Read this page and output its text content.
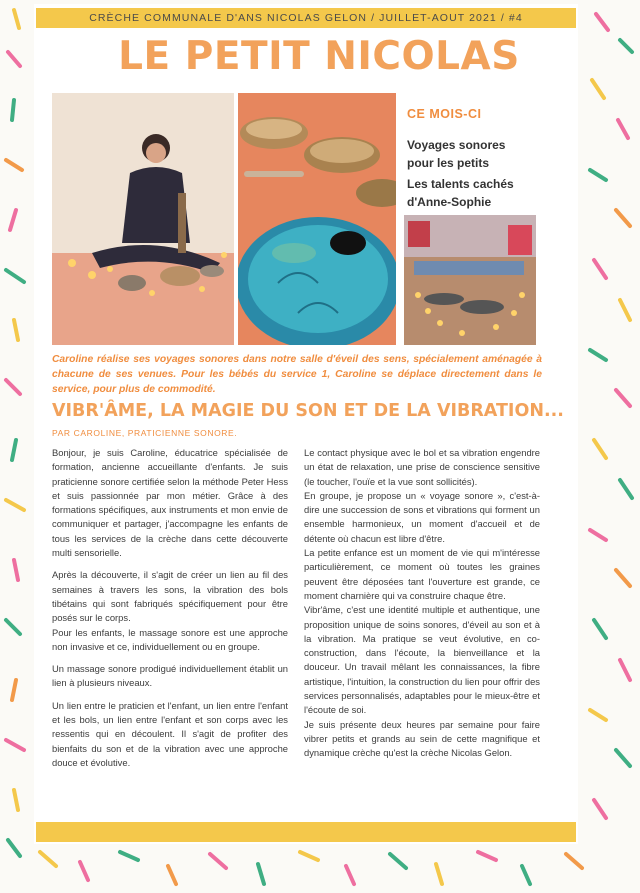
CRÈCHE COMMUNALE D'ANS NICOLAS GELON / JUILLET-AOUT 2021 / #4
LE PETIT NICOLAS
CE MOIS-CI
Voyages sonores
pour les petits
Les talents cachés
d'Anne-Sophie

Caroline réalise ses voyages sonores dans notre salle d'éveil des sens, spécialement aménagée à chacune de ses venues. Pour les bébés du service 1, Caroline se déplace directement dans le service, pour plus de commodité.

VIBR'ÂME, LA MAGIE DU SON ET DE LA VIBRATION...
PAR CAROLINE, PRATICIENNE SONORE.

Bonjour, je suis Caroline, éducatrice spécialisée de formation, ancienne accueillante d'enfants. Je suis praticienne sonore certifiée selon la méthode Peter Hess et suis passionnée par mon métier. Grâce à des formations spécifiques, aux instruments et mon envie de communiquer et partager, j'accompagne les enfants de tous les services de la crèche dans cette découverte multi sensorielle.

Après la découverte, il s'agit de créer un lien au fil des semaines à travers les sons, la vibration des bols tibétains qui sont fabriqués spécifiquement pour être posés sur le corps.

Pour les enfants, le massage sonore est une approche non invasive et ce, individuellement ou en groupe.

Un massage sonore prodigué individuellement établit un lien à plusieurs niveaux.

Un lien entre le praticien et l'enfant, un lien entre l'enfant et les bols, un lien entre l'enfant et son corps avec les ressentis qui en découlent. Il s'agit de profiter des bienfaits du son et de la vibration avec une approche douce et évolutive.

Le contact physique avec le bol et sa vibration engendre un état de relaxation, une prise de conscience sensitive (le toucher, l'ouïe et la vue sont sollicités).

En groupe, je propose un « voyage sonore », c'est-à-dire une succession de sons et vibrations qui forment un ensemble harmonieux, un moment d'accueil et de détente où chacun est libre d'être.

La petite enfance est un moment de vie qui m'intéresse particulièrement, ce moment où toutes les graines peuvent être déposées tant l'ouverture est grande, ce moment charnière qui va construire chaque être.

Vibr'âme, c'est une identité multiple et authentique, une proposition unique de soins sonores, d'éveil au son et à la vibration. Ma pratique se veut évolutive, en co-construction, dans l'écoute, la bienveillance et la douceur. Un travail mêlant les connaissances, la fibre artistique, l'intuition, la construction du lien pour offrir des services personnalisés, adaptables pour le mieux-être et l'écoute de soi.

Je suis présente deux heures par semaine pour faire vibrer petits et grands au sein de cette magnifique et dynamique crèche qu'est la crèche Nicolas Gelon.
